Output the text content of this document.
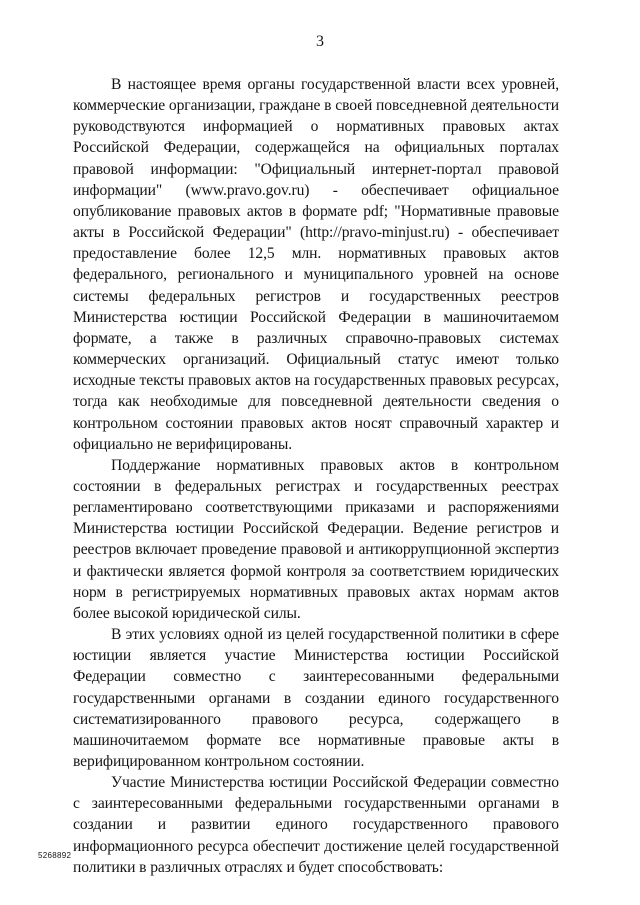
3

В настоящее время органы государственной власти всех уровней, коммерческие организации, граждане в своей повседневной деятельности руководствуются информацией о нормативных правовых актах Российской Федерации, содержащейся на официальных порталах правовой информации: "Официальный интернет-портал правовой информации" (www.pravo.gov.ru) - обеспечивает официальное опубликование правовых актов в формате pdf; "Нормативные правовые акты в Российской Федерации" (http://pravo-minjust.ru) - обеспечивает предоставление более 12,5 млн. нормативных правовых актов федерального, регионального и муниципального уровней на основе системы федеральных регистров и государственных реестров Министерства юстиции Российской Федерации в машиночитаемом формате, а также в различных справочно-правовых системах коммерческих организаций. Официальный статус имеют только исходные тексты правовых актов на государственных правовых ресурсах, тогда как необходимые для повседневной деятельности сведения о контрольном состоянии правовых актов носят справочный характер и официально не верифицированы.

Поддержание нормативных правовых актов в контрольном состоянии в федеральных регистрах и государственных реестрах регламентировано соответствующими приказами и распоряжениями Министерства юстиции Российской Федерации. Ведение регистров и реестров включает проведение правовой и антикоррупционной экспертиз и фактически является формой контроля за соответствием юридических норм в регистрируемых нормативных правовых актах нормам актов более высокой юридической силы.

В этих условиях одной из целей государственной политики в сфере юстиции является участие Министерства юстиции Российской Федерации совместно с заинтересованными федеральными государственными органами в создании единого государственного систематизированного правового ресурса, содержащего в машиночитаемом формате все нормативные правовые акты в верифицированном контрольном состоянии.

Участие Министерства юстиции Российской Федерации совместно с заинтересованными федеральными государственными органами в создании и развитии единого государственного правового информационного ресурса обеспечит достижение целей государственной политики в различных отраслях и будет способствовать:

5268892
